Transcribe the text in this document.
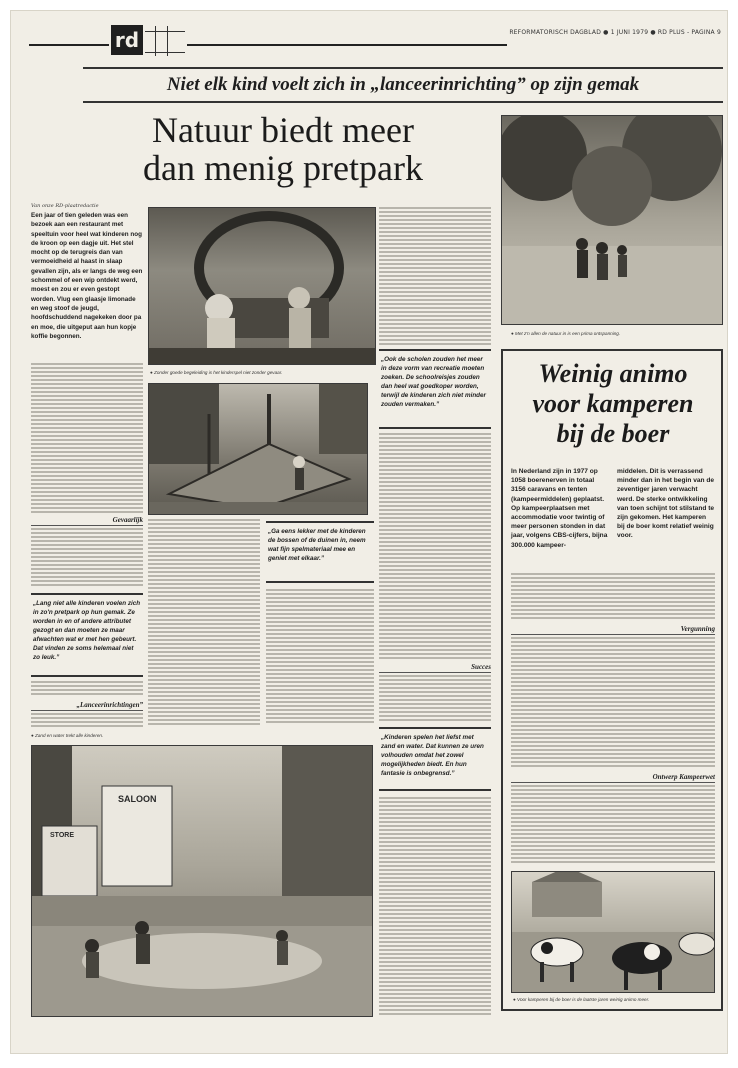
rd	REFORMATORISCH DAGBLAD ● 1 JUNI 1979 ● RD PLUS - PAGINA 9
Niet elk kind voelt zich in „lanceerinrichting” op zijn gemak
Natuur biedt meer
dan menig pretpark
Van onze RD-plaatredactie
Een jaar of tien geleden was een bezoek aan een restaurant met speeltuin voor heel wat kinderen nog de kroon op een dagje uit. Het stel mocht op de terugreis dan van vermoeidheid al haast in slaap gevallen zijn, als er langs de weg een schommel of een wip ontdekt werd, moest en zou er even gestopt worden. Vlug een glaasje limonade en weg stoof de jeugd, hoofdschuddend nagekeken door pa en moe, die uitgeput aan hun kopje koffie begonnen.
Gevaarlijk
„Lang niet alle kinderen voelen zich in zo'n pretpark op hun gemak. Ze worden in en of andere attributet gezogt en dan moeten ze maar afwachten wat er met hen gebeurt. Dat vinden ze soms helemaal niet zo leuk.”
„Lanceerinrichtingen”
● Zand en water trekt alle kinderen.
● Zonder goede begeleiding is het kinderspel niet zonder gevaar.
„Ga eens lekker met de kinderen de bossen of de duinen in, neem wat fijn spelmateriaal mee en geniet met elkaar.”
„Ook de scholen zouden het meer in deze vorm van recreatie moeten zoeken. De schoolreisjes zouden dan heel wat goedkoper worden, terwijl de kinderen zich niet minder zouden vermaken.”
Succes
„Kinderen spelen het liefst met zand en water. Dat kunnen ze uren volhouden omdat het zowel mogelijkheden biedt. En hun fantasie is onbegrensd.”
SALOON
STORE
● Met z'n allen de natuur in is een prima ontspanning.
Weinig animo
voor kamperen
bij de boer
In Nederland zijn in 1977 op 1058 boerenerven in totaal 3156 caravans en tenten (kampeermiddelen) geplaatst. Op kampeerplaatsen met accommodatie voor twintig of meer personen stonden in dat jaar, volgens CBS-cijfers, bijna 300.000 kampeer-
middelen. Dit is verrassend minder dan in het begin van de zeventiger jaren verwacht werd. De sterke ontwikkeling van toen schijnt tot stilstand te zijn gekomen. Het kamperen bij de boer komt relatief weinig voor.
Vergunning
Ontwerp Kampeerwet
● Voor kamperen bij de boer is de laatste jaren weinig animo meer.
